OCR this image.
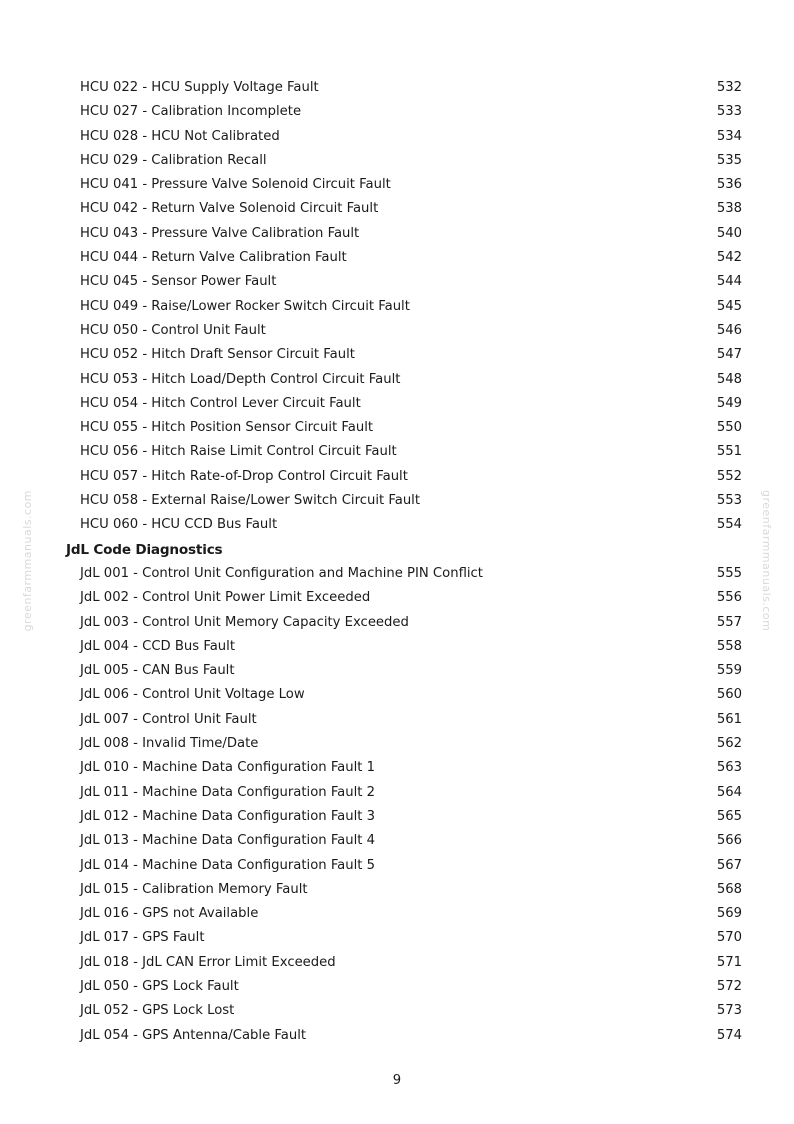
greenfarmmanuals.com	greenfarmmanuals.com
HCU 022 - HCU Supply Voltage Fault	532
HCU 027 - Calibration Incomplete	533
HCU 028 - HCU Not Calibrated	534
HCU 029 - Calibration Recall	535
HCU 041 - Pressure Valve Solenoid Circuit Fault	536
HCU 042 - Return Valve Solenoid Circuit Fault	538
HCU 043 - Pressure Valve Calibration Fault	540
HCU 044 - Return Valve Calibration Fault	542
HCU 045 - Sensor Power Fault	544
HCU 049 - Raise/Lower Rocker Switch Circuit Fault	545
HCU 050 - Control Unit Fault	546
HCU 052 - Hitch Draft Sensor Circuit Fault	547
HCU 053 - Hitch Load/Depth Control Circuit Fault	548
HCU 054 - Hitch Control Lever Circuit Fault	549
HCU 055 - Hitch Position Sensor Circuit Fault	550
HCU 056 - Hitch Raise Limit Control Circuit Fault	551
HCU 057 - Hitch Rate-of-Drop Control Circuit Fault	552
HCU 058 - External Raise/Lower Switch Circuit Fault	553
HCU 060 - HCU CCD Bus Fault	554
JdL Code Diagnostics
JdL 001 - Control Unit Configuration and Machine PIN Conflict	555
JdL 002 - Control Unit Power Limit Exceeded	556
JdL 003 - Control Unit Memory Capacity Exceeded	557
JdL 004 - CCD Bus Fault	558
JdL 005 - CAN Bus Fault	559
JdL 006 - Control Unit Voltage Low	560
JdL 007 - Control Unit Fault	561
JdL 008 - Invalid Time/Date	562
JdL 010 - Machine Data Configuration Fault 1	563
JdL 011 - Machine Data Configuration Fault 2	564
JdL 012 - Machine Data Configuration Fault 3	565
JdL 013 - Machine Data Configuration Fault 4	566
JdL 014 - Machine Data Configuration Fault 5	567
JdL 015 - Calibration Memory Fault	568
JdL 016 - GPS not Available	569
JdL 017 - GPS Fault	570
JdL 018 - JdL CAN Error Limit Exceeded	571
JdL 050 - GPS Lock Fault	572
JdL 052 - GPS Lock Lost	573
JdL 054 - GPS Antenna/Cable Fault	574
9
